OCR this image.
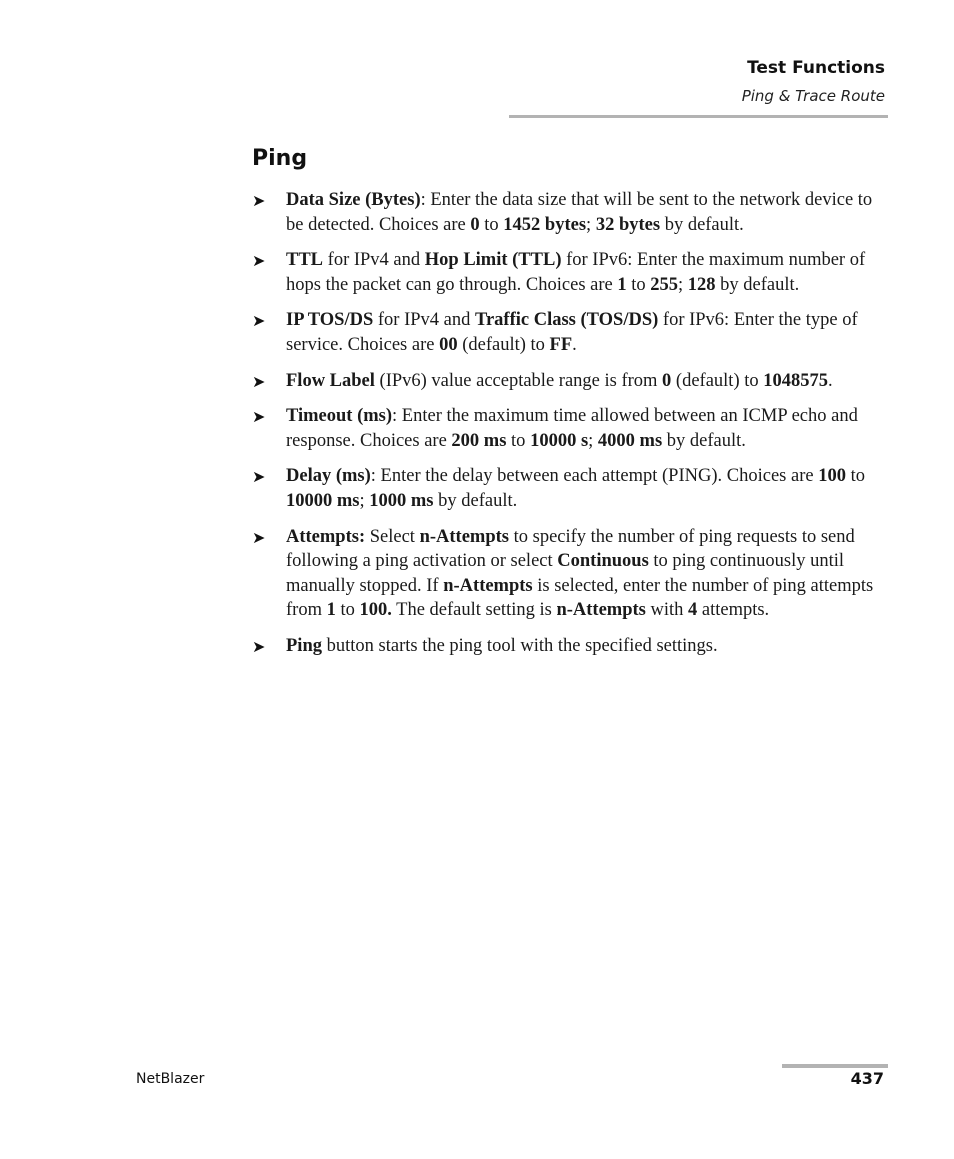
Test Functions
Ping & Trace Route
Ping
➤ Data Size (Bytes): Enter the data size that will be sent to the network device to be detected. Choices are 0 to 1452 bytes; 32 bytes by default.
➤ TTL for IPv4 and Hop Limit (TTL) for IPv6: Enter the maximum number of hops the packet can go through. Choices are 1 to 255; 128 by default.
➤ IP TOS/DS for IPv4 and Traffic Class (TOS/DS) for IPv6: Enter the type of service. Choices are 00 (default) to FF.
➤ Flow Label (IPv6) value acceptable range is from 0 (default) to 1048575.
➤ Timeout (ms): Enter the maximum time allowed between an ICMP echo and response. Choices are 200 ms to 10000 s; 4000 ms by default.
➤ Delay (ms): Enter the delay between each attempt (PING). Choices are 100 to 10000 ms; 1000 ms by default.
➤ Attempts: Select n-Attempts to specify the number of ping requests to send following a ping activation or select Continuous to ping continuously until manually stopped. If n-Attempts is selected, enter the number of ping attempts from 1 to 100. The default setting is n-Attempts with 4 attempts.
➤ Ping button starts the ping tool with the specified settings.
NetBlazer	437
